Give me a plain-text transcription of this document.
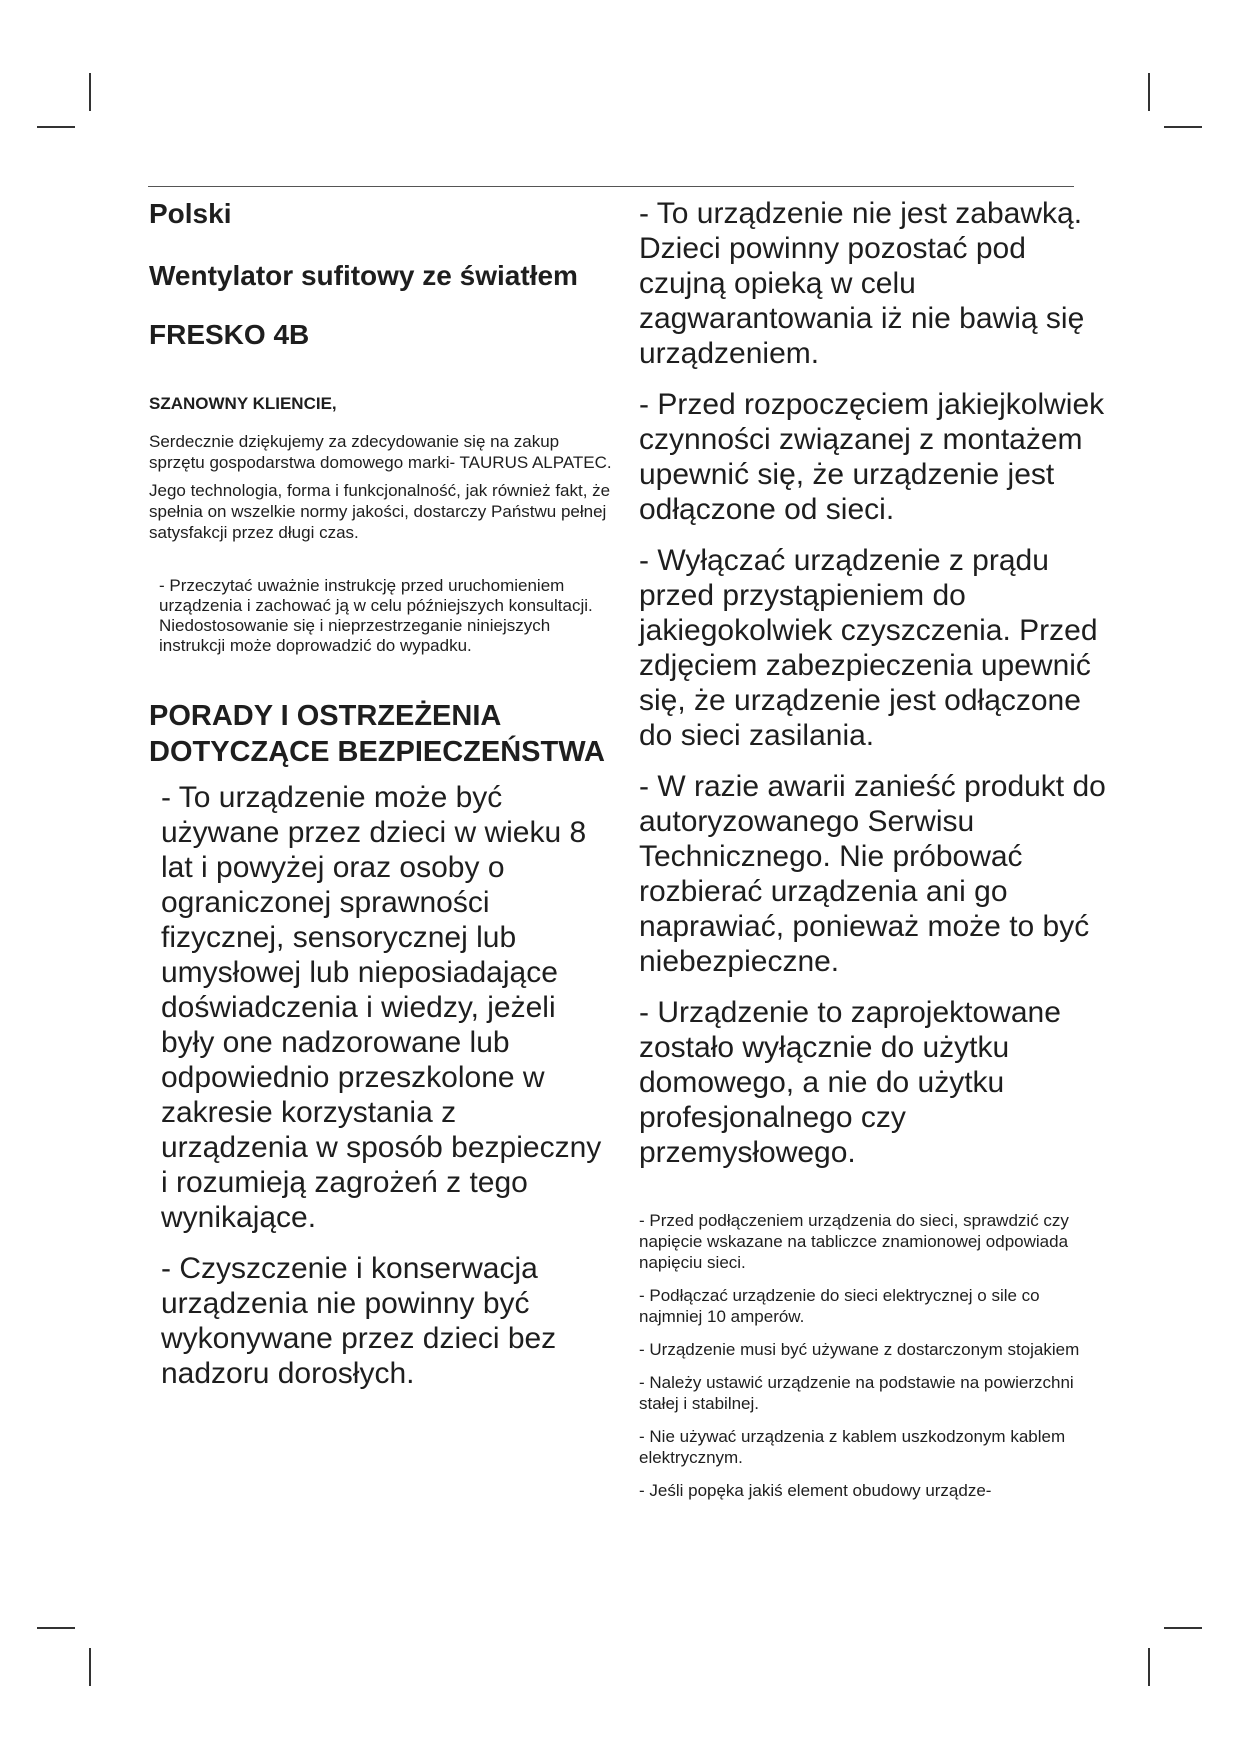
Polski
Wentylator sufitowy ze światłem
FRESKO 4B
SZANOWNY KLIENCIE,

Serdecznie dziękujemy za zdecydowanie się na zakup sprzętu gospodarstwa domowego marki- TAURUS ALPATEC.

Jego technologia, forma i funkcjonalność, jak również fakt, że spełnia on wszelkie normy jakości, dostarczy Państwu pełnej satysfakcji przez długi czas.

- Przeczytać uważnie instrukcję przed uruchomieniem urządzenia i zachować ją w celu późniejszych konsultacji. Niedostosowanie się i nieprzestrzeganie niniejszych instrukcji może doprowadzić do wypadku.
PORADY I OSTRZEŻENIA DOTYCZĄCE BEZPIECZEŃSTWA
- To urządzenie może być używane przez dzieci w wieku 8 lat i powyżej oraz osoby o ograniczonej sprawności fizycznej, sensorycznej lub umysłowej lub nieposiadające doświadczenia i wiedzy, jeżeli były one nadzorowane lub odpowiednio przeszkolone w zakresie korzystania z urządzenia w sposób bezpieczny i rozumieją zagrożeń z tego wynikające.
- Czyszczenie i konserwacja urządzenia nie powinny być wykonywane przez dzieci bez nadzoru dorosłych.
- To urządzenie nie jest zabawką. Dzieci powinny pozostać pod czujną opieką w celu zagwarantowania iż nie bawią się urządzeniem.
- Przed rozpoczęciem jakiejkolwiek czynności związanej z montażem upewnić się, że urządzenie jest odłączone od sieci.
- Wyłączać urządzenie z prądu przed przystąpieniem do jakiegokolwiek czyszczenia. Przed zdjęciem zabezpieczenia upewnić się, że urządzenie jest odłączone do sieci zasilania.
- W razie awarii zanieść produkt do autoryzowanego Serwisu Technicznego. Nie próbować rozbierać urządzenia ani go naprawiać, ponieważ może to być niebezpieczne.
- Urządzenie to zaprojektowane zostało wyłącznie do użytku domowego, a nie do użytku profesjonalnego czy przemysłowego.
- Przed podłączeniem urządzenia do sieci, sprawdzić czy napięcie wskazane na tabliczce znamionowej odpowiada napięciu sieci.
- Podłączać urządzenie do sieci elektrycznej o sile co najmniej 10 amperów.
- Urządzenie musi być używane z dostarczonym stojakiem
- Należy ustawić urządzenie na podstawie na powierzchni stałej i stabilnej.
- Nie używać urządzenia z kablem uszkodzonym kablem elektrycznym.
- Jeśli popęka jakiś element obudowy urządze-
